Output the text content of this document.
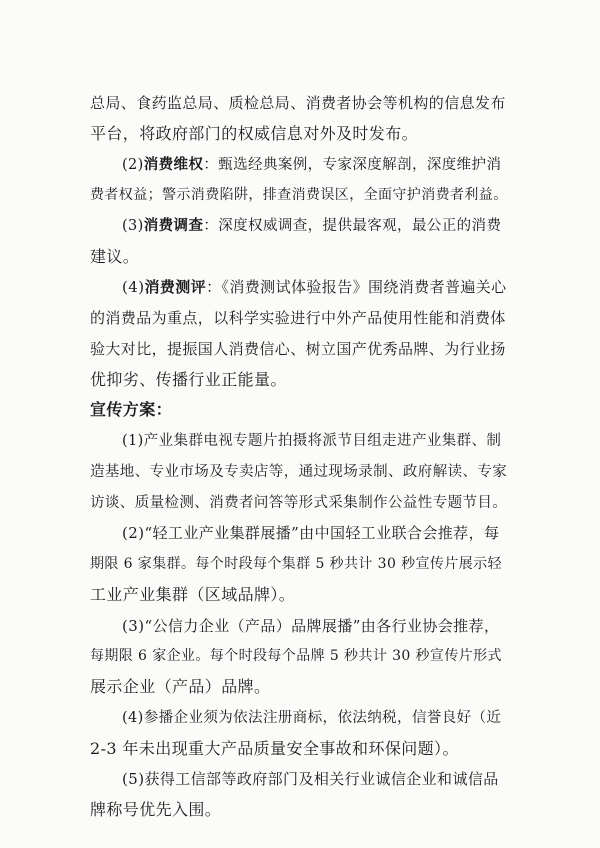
总局、食药监总局、质检总局、消费者协会等机构的信息发布
平台，将政府部门的权威信息对外及时发布。
(2)消费维权：甄选经典案例，专家深度解剖，深度维护消
费者权益；警示消费陷阱，排查消费误区，全面守护消费者利益。
(3)消费调查：深度权威调查，提供最客观，最公正的消费
建议。
(4)消费测评：《消费测试体验报告》围绕消费者普遍关心
的消费品为重点，以科学实验进行中外产品使用性能和消费体
验大对比，提振国人消费信心、树立国产优秀品牌、为行业扬
优抑劣、传播行业正能量。
宣传方案：
(1)产业集群电视专题片拍摄将派节目组走进产业集群、制
造基地、专业市场及专卖店等，通过现场录制、政府解读、专家
访谈、质量检测、消费者问答等形式采集制作公益性专题节目。
(2)“轻工业产业集群展播”由中国轻工业联合会推荐，每
期限 6 家集群。每个时段每个集群 5 秒共计 30 秒宣传片展示轻
工业产业集群（区域品牌）。
(3)“公信力企业（产品）品牌展播”由各行业协会推荐，
每期限 6 家企业。每个时段每个品牌 5 秒共计 30 秒宣传片形式
展示企业（产品）品牌。
(4)参播企业须为依法注册商标，依法纳税，信誉良好（近
2-3 年未出现重大产品质量安全事故和环保问题）。
(5)获得工信部等政府部门及相关行业诚信企业和诚信品
牌称号优先入围。
